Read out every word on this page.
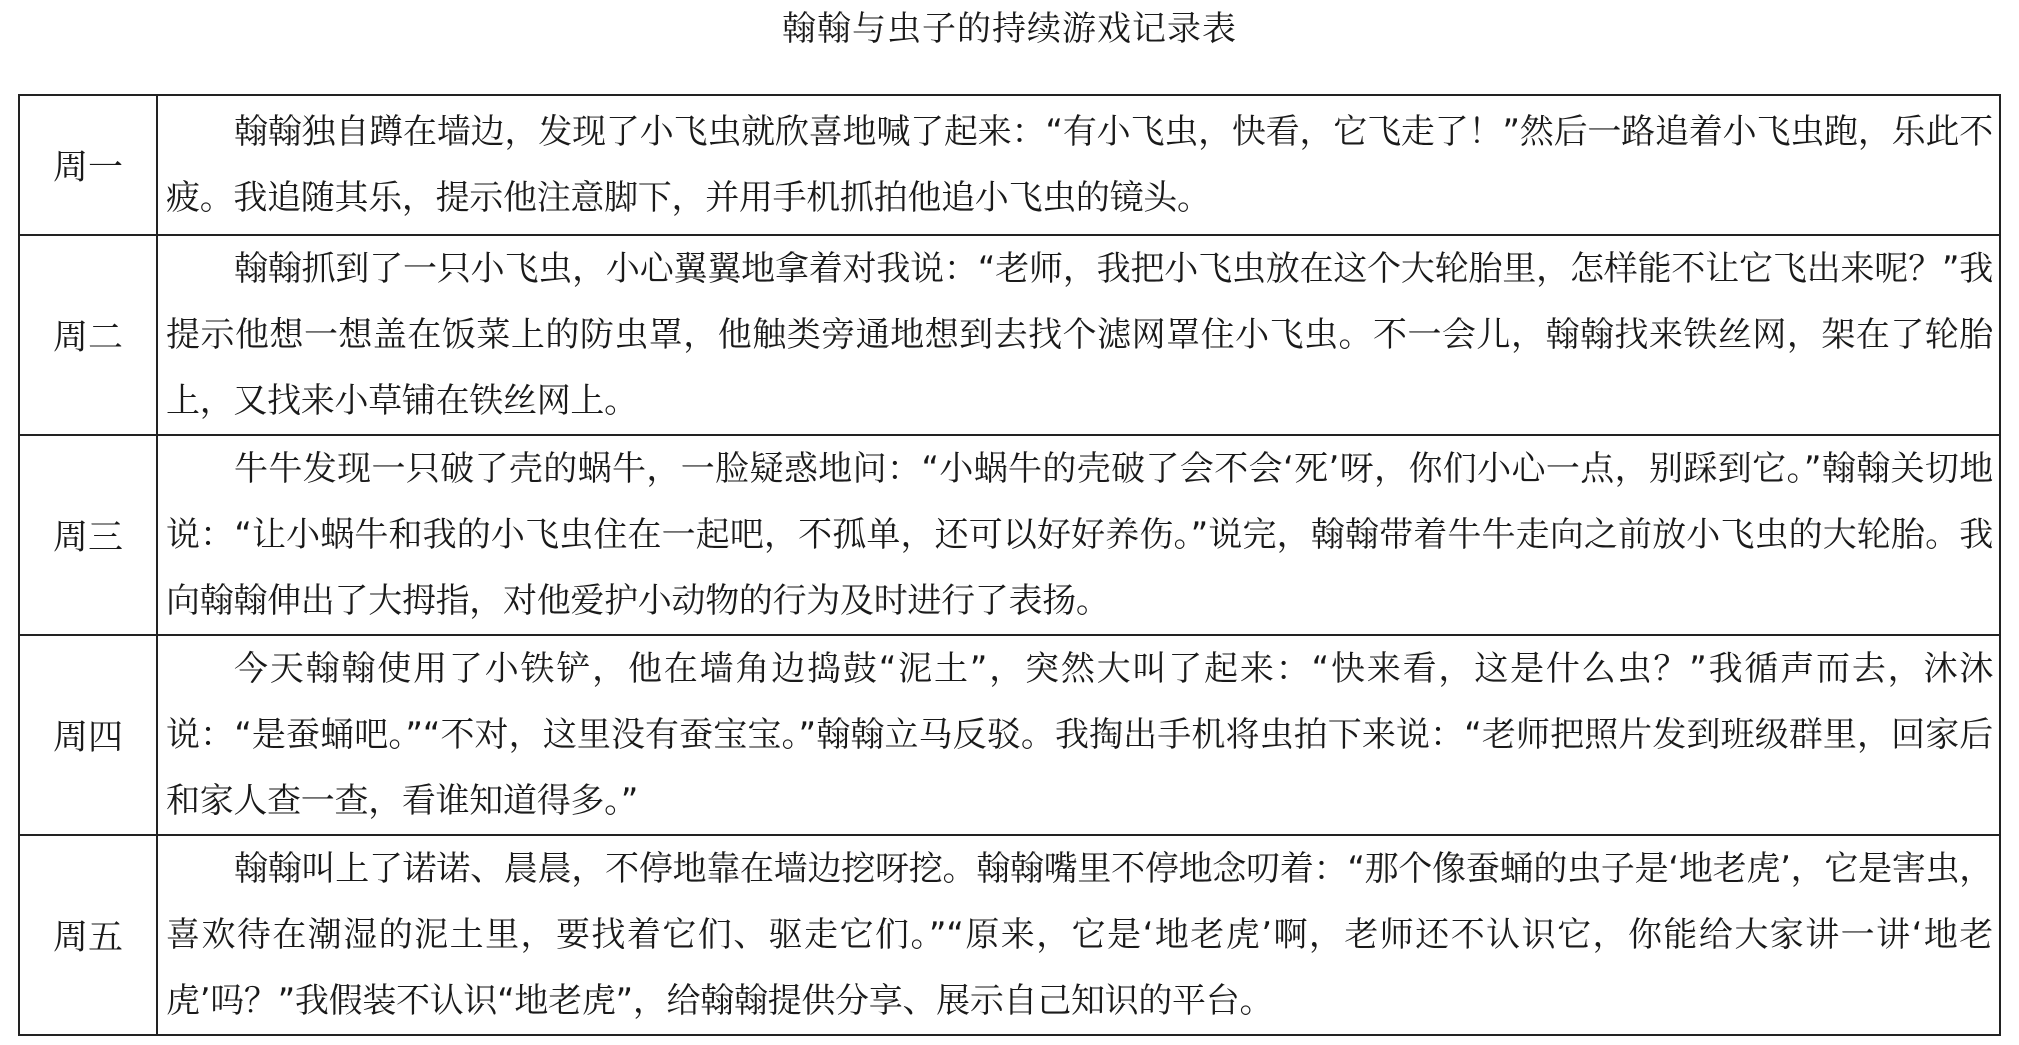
翰翰与虫子的持续游戏记录表
周一	翰翰独自蹲在墙边，发现了小飞虫就欣喜地喊了起来：“有小飞虫，快看，它飞走了！”然后一路追着小飞虫跑，乐此不疲。我追随其乐，提示他注意脚下，并用手机抓拍他追小飞虫的镜头。
周二	翰翰抓到了一只小飞虫，小心翼翼地拿着对我说：“老师，我把小飞虫放在这个大轮胎里，怎样能不让它飞出来呢？”我提示他想一想盖在饭菜上的防虫罩，他触类旁通地想到去找个滤网罩住小飞虫。不一会儿，翰翰找来铁丝网，架在了轮胎上，又找来小草铺在铁丝网上。
周三	牛牛发现一只破了壳的蜗牛，一脸疑惑地问：“小蜗牛的壳破了会不会‘死’呀，你们小心一点，别踩到它。”翰翰关切地说：“让小蜗牛和我的小飞虫住在一起吧，不孤单，还可以好好养伤。”说完，翰翰带着牛牛走向之前放小飞虫的大轮胎。我向翰翰伸出了大拇指，对他爱护小动物的行为及时进行了表扬。
周四	今天翰翰使用了小铁铲，他在墙角边捣鼓“泥土”，突然大叫了起来：“快来看，这是什么虫？”我循声而去，沐沐说：“是蚕蛹吧。”“不对，这里没有蚕宝宝。”翰翰立马反驳。我掏出手机将虫拍下来说：“老师把照片发到班级群里，回家后和家人查一查，看谁知道得多。”
周五	翰翰叫上了诺诺、晨晨，不停地靠在墙边挖呀挖。翰翰嘴里不停地念叨着：“那个像蚕蛹的虫子是‘地老虎’，它是害虫，喜欢待在潮湿的泥土里，要找着它们、驱走它们。”“原来，它是‘地老虎’啊，老师还不认识它，你能给大家讲一讲‘地老虎’吗？”我假装不认识“地老虎”，给翰翰提供分享、展示自己知识的平台。
